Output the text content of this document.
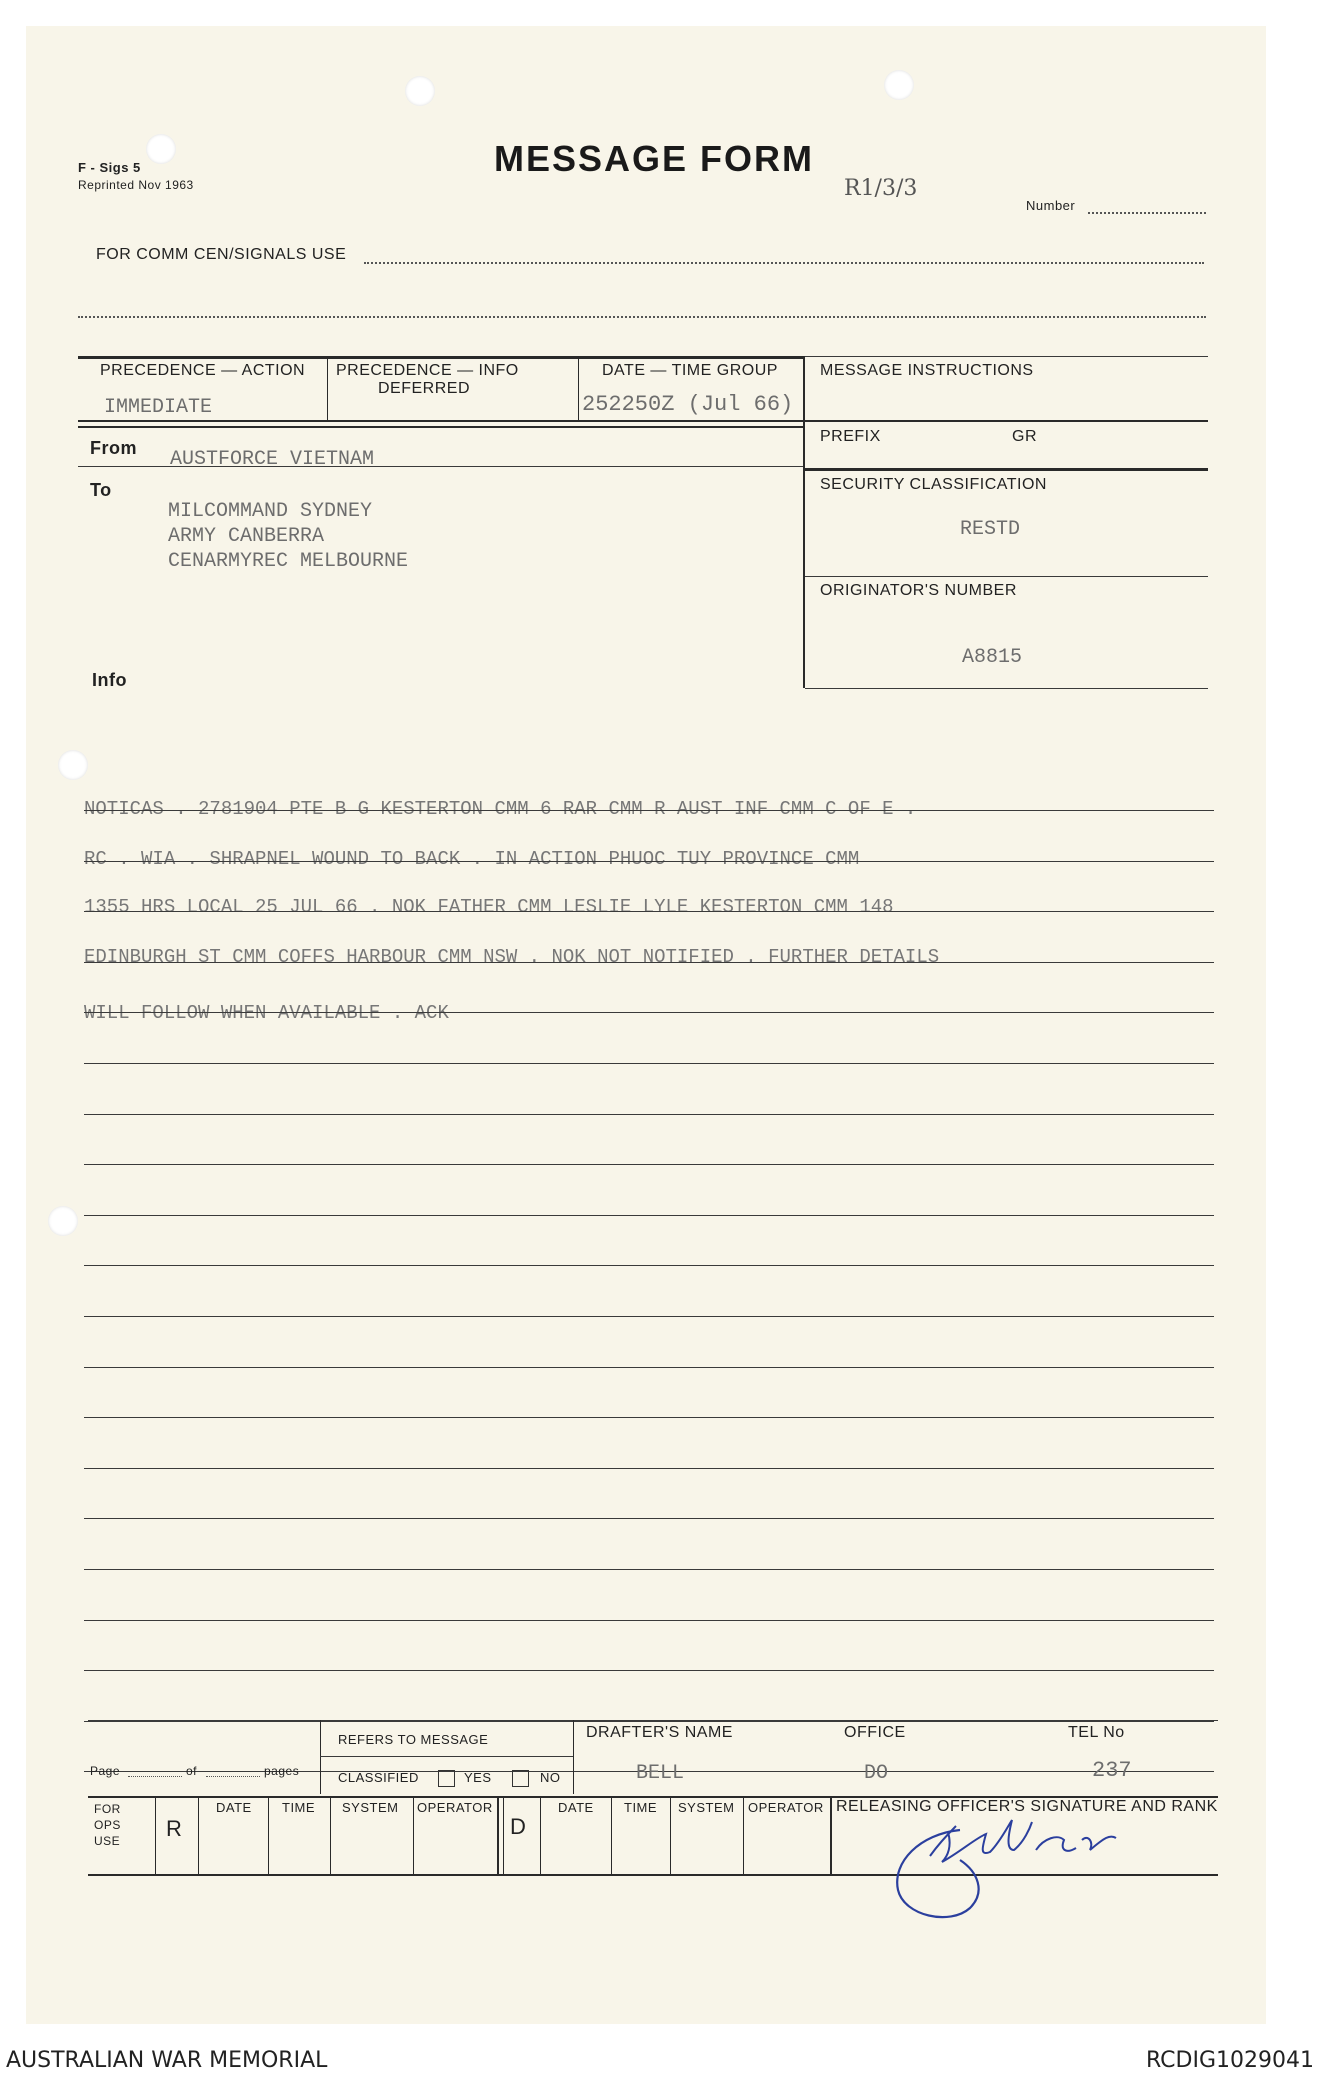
F - Sigs 5
Reprinted Nov 1963
MESSAGE FORM
R1/3/3
Number
FOR COMM CEN/SIGNALS USE
PRECEDENCE — ACTION
IMMEDIATE
PRECEDENCE — INFO
DEFERRED
DATE — TIME GROUP
252250Z (Jul 66)
MESSAGE INSTRUCTIONS
PREFIX	GR
SECURITY CLASSIFICATION
RESTD
ORIGINATOR'S NUMBER
A8815
From AUSTFORCE VIETNAM
To
MILCOMMAND SYDNEY
ARMY CANBERRA
CENARMYREC MELBOURNE
Info
NOTICAS . 2781904 PTE B G KESTERTON CMM 6 RAR CMM R AUST INF CMM C OF E .
RC . WIA . SHRAPNEL WOUND TO BACK . IN ACTION PHUOC TUY PROVINCE CMM
1355 HRS LOCAL 25 JUL 66 . NOK FATHER CMM LESLIE LYLE KESTERTON CMM 148
EDINBURGH ST CMM COFFS HARBOUR CMM NSW . NOK NOT NOTIFIED . FURTHER DETAILS
WILL FOLLOW WHEN AVAILABLE . ACK
Page	of	pages
REFERS TO MESSAGE
CLASSIFIED	YES	NO
DRAFTER'S NAME
BELL
OFFICE
DO
TEL No
237
FOR
OPS
USE R
DATE TIME SYSTEM OPERATOR
D
DATE TIME SYSTEM OPERATOR RELEASING OFFICER'S SIGNATURE AND RANK
AUSTRALIAN WAR MEMORIAL	RCDIG1029041
